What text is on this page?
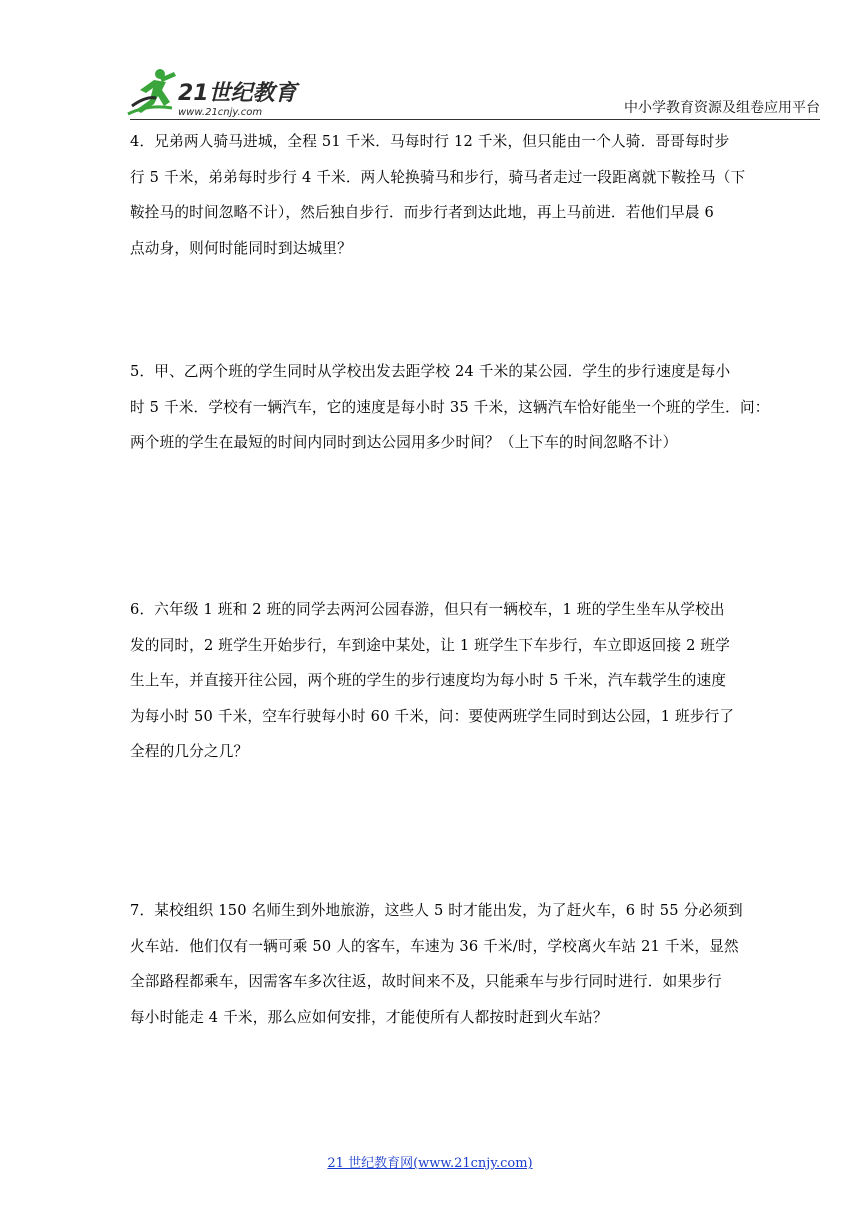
21世纪教育
www.21cnjy.com	中小学教育资源及组卷应用平台
4．兄弟两人骑马进城，全程 51 千米．马每时行 12 千米，但只能由一个人骑．哥哥每时步
行 5 千米，弟弟每时步行 4 千米．两人轮换骑马和步行，骑马者走过一段距离就下鞍拴马（下
鞍拴马的时间忽略不计），然后独自步行．而步行者到达此地，再上马前进．若他们早晨 6
点动身，则何时能同时到达城里？
5．甲、乙两个班的学生同时从学校出发去距学校 24 千米的某公园．学生的步行速度是每小
时 5 千米．学校有一辆汽车，它的速度是每小时 35 千米，这辆汽车恰好能坐一个班的学生．问：
两个班的学生在最短的时间内同时到达公园用多少时间？（上下车的时间忽略不计）
6．六年级 1 班和 2 班的同学去两河公园春游，但只有一辆校车，1 班的学生坐车从学校出
发的同时，2 班学生开始步行，车到途中某处，让 1 班学生下车步行，车立即返回接 2 班学
生上车，并直接开往公园，两个班的学生的步行速度均为每小时 5 千米，汽车载学生的速度
为每小时 50 千米，空车行驶每小时 60 千米，问：要使两班学生同时到达公园，1 班步行了
全程的几分之几？
7．某校组织 150 名师生到外地旅游，这些人 5 时才能出发，为了赶火车，6 时 55 分必须到
火车站．他们仅有一辆可乘 50 人的客车，车速为 36 千米/时，学校离火车站 21 千米，显然
全部路程都乘车，因需客车多次往返，故时间来不及，只能乘车与步行同时进行．如果步行
每小时能走 4 千米，那么应如何安排，才能使所有人都按时赶到火车站？
21 世纪教育网(www.21cnjy.com)
